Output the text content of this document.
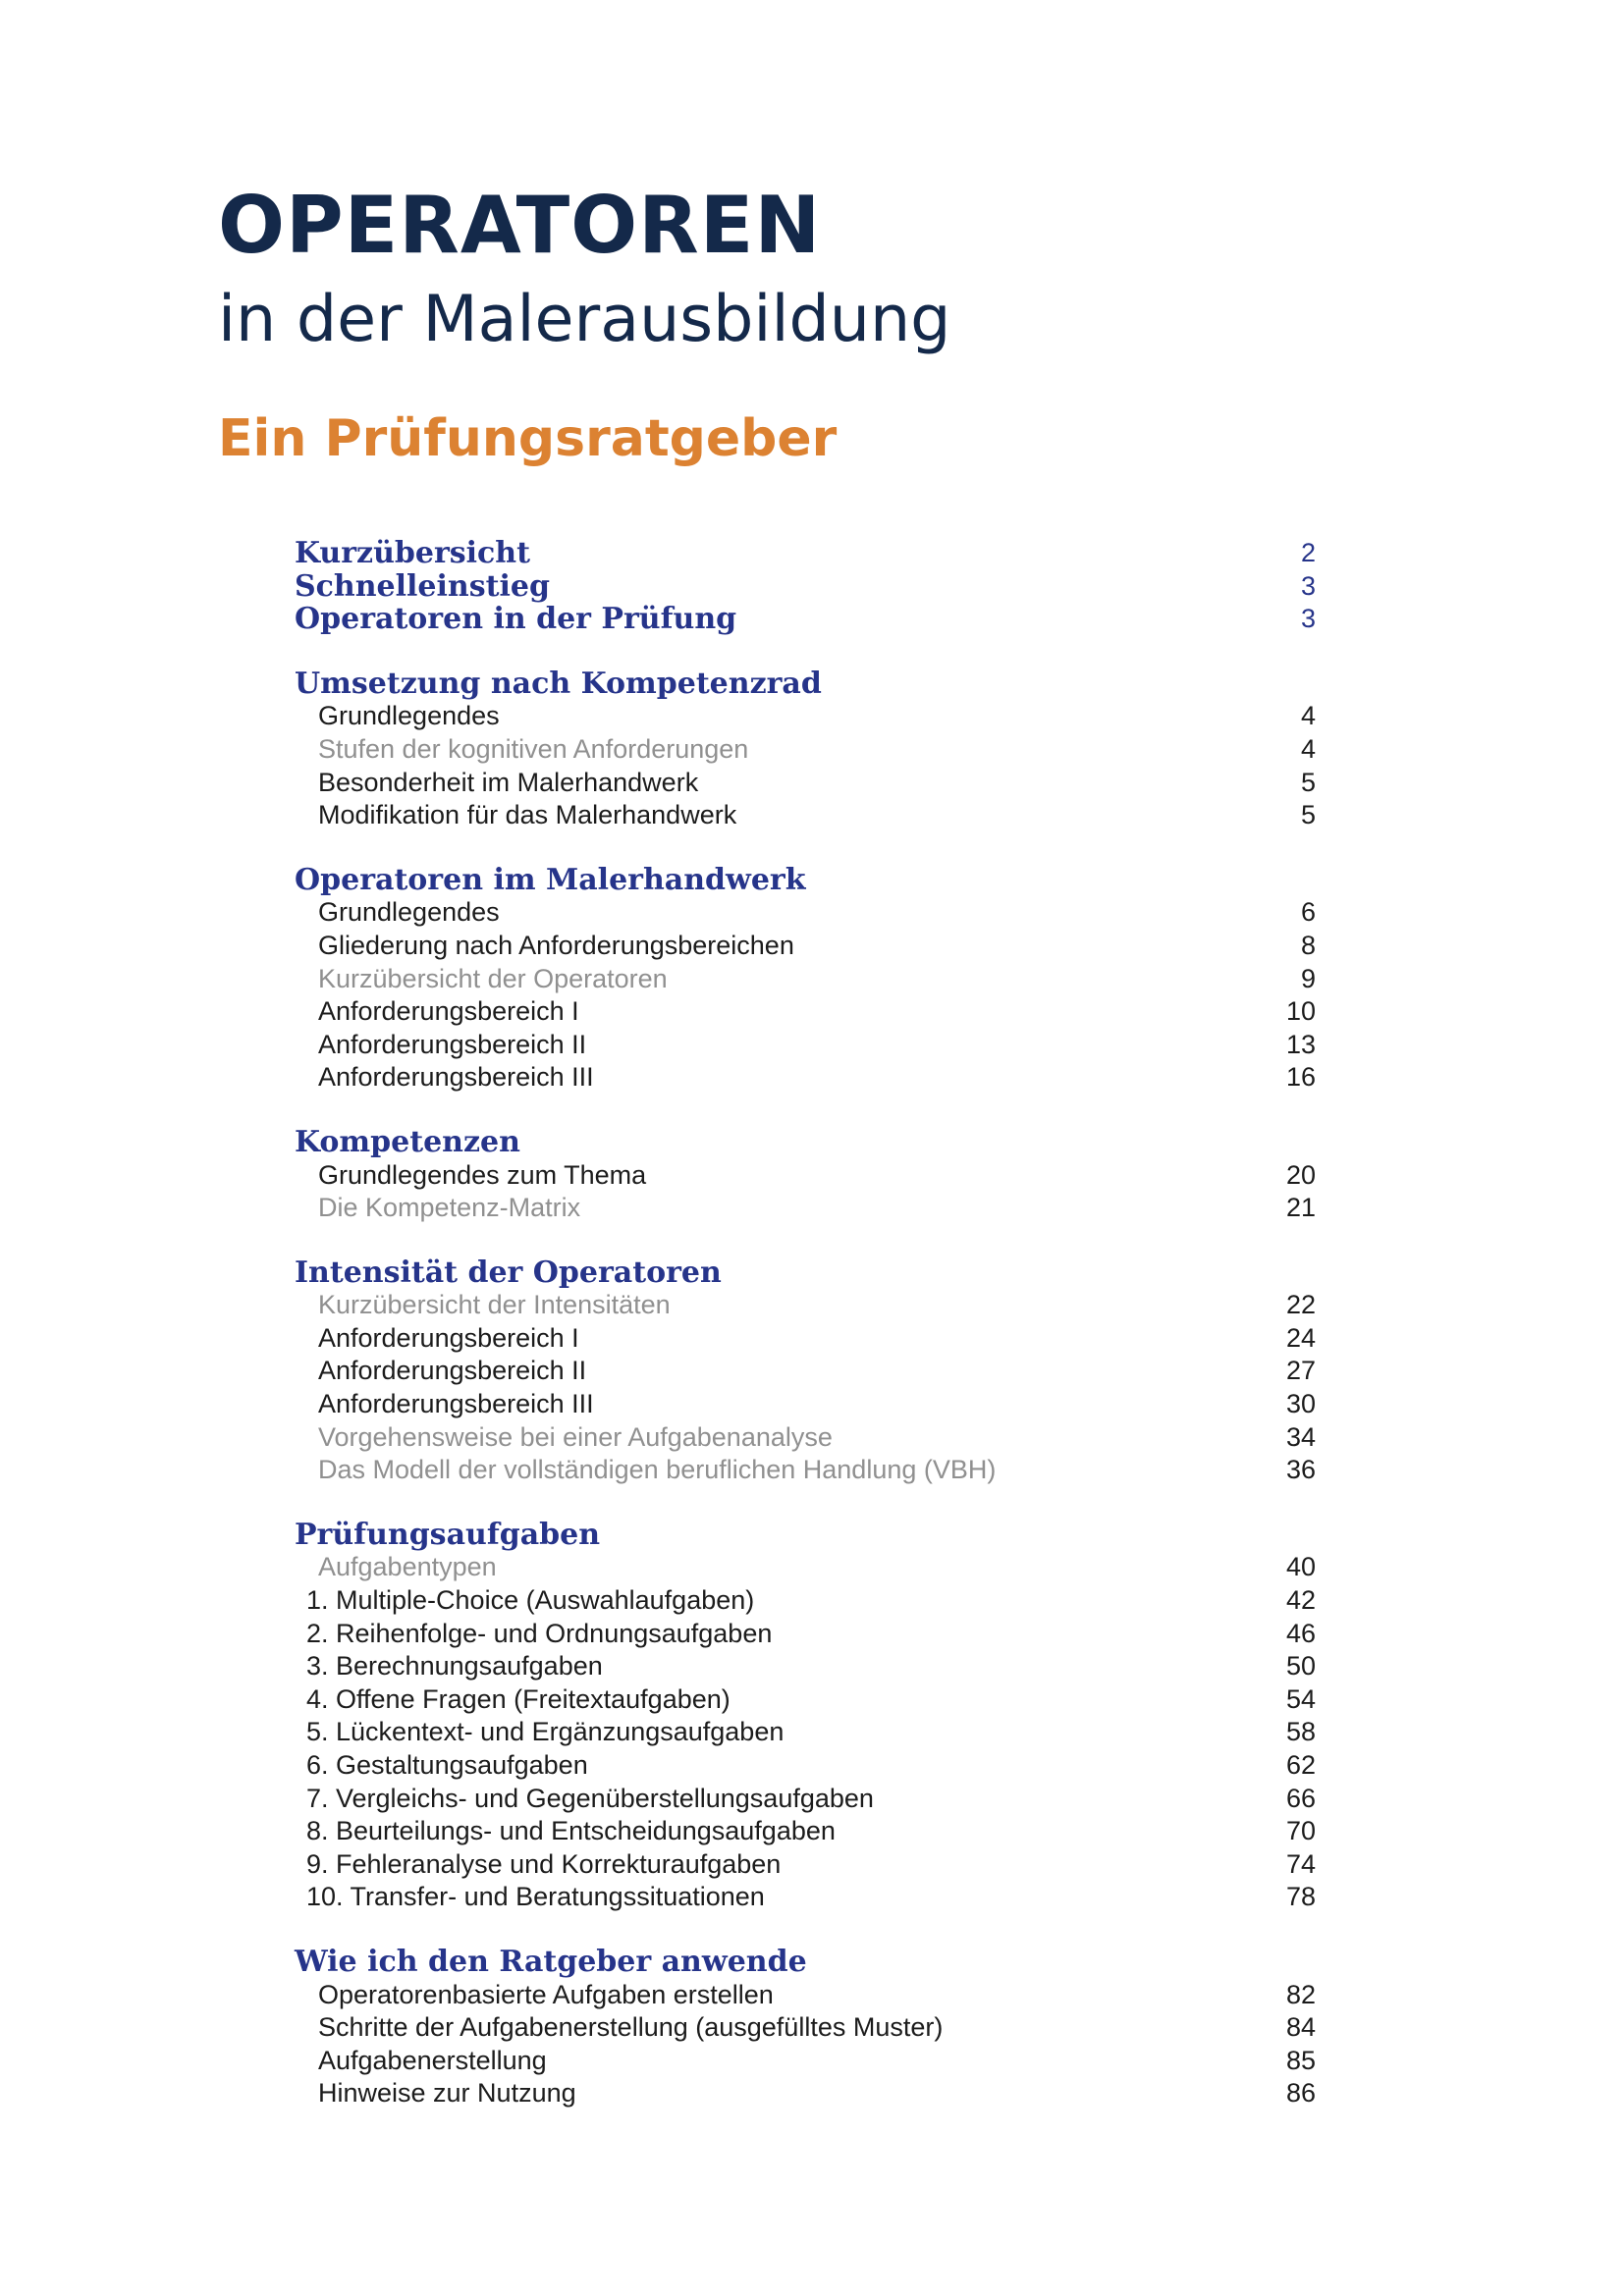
OPERATOREN
in der Malerausbildung
Ein Prüfungsratgeber
Kurzübersicht	2
Schnelleinstieg	3
Operatoren in der Prüfung	3
Umsetzung nach Kompetenzrad
Grundlegendes	4
Stufen der kognitiven Anforderungen	4
Besonderheit im Malerhandwerk	5
Modifikation für das Malerhandwerk	5
Operatoren im Malerhandwerk
Grundlegendes	6
Gliederung nach Anforderungsbereichen	8
Kurzübersicht der Operatoren	9
Anforderungsbereich I	10
Anforderungsbereich II	13
Anforderungsbereich III	16
Kompetenzen
Grundlegendes zum Thema	20
Die Kompetenz-Matrix	21
Intensität der Operatoren
Kurzübersicht der Intensitäten	22
Anforderungsbereich I	24
Anforderungsbereich II	27
Anforderungsbereich III	30
Vorgehensweise bei einer Aufgabenanalyse	34
Das Modell der vollständigen beruflichen Handlung (VBH)	36
Prüfungsaufgaben
Aufgabentypen	40
1. Multiple-Choice (Auswahlaufgaben)	42
2. Reihenfolge- und Ordnungsaufgaben	46
3. Berechnungsaufgaben	50
4. Offene Fragen (Freitextaufgaben)	54
5. Lückentext- und Ergänzungsaufgaben	58
6. Gestaltungsaufgaben	62
7. Vergleichs- und Gegenüberstellungsaufgaben	66
8. Beurteilungs- und Entscheidungsaufgaben	70
9. Fehleranalyse und Korrekturaufgaben	74
10. Transfer- und Beratungssituationen	78
Wie ich den Ratgeber anwende
Operatorenbasierte Aufgaben erstellen	82
Schritte der Aufgabenerstellung (ausgefülltes Muster)	84
Aufgabenerstellung	85
Hinweise zur Nutzung	86
